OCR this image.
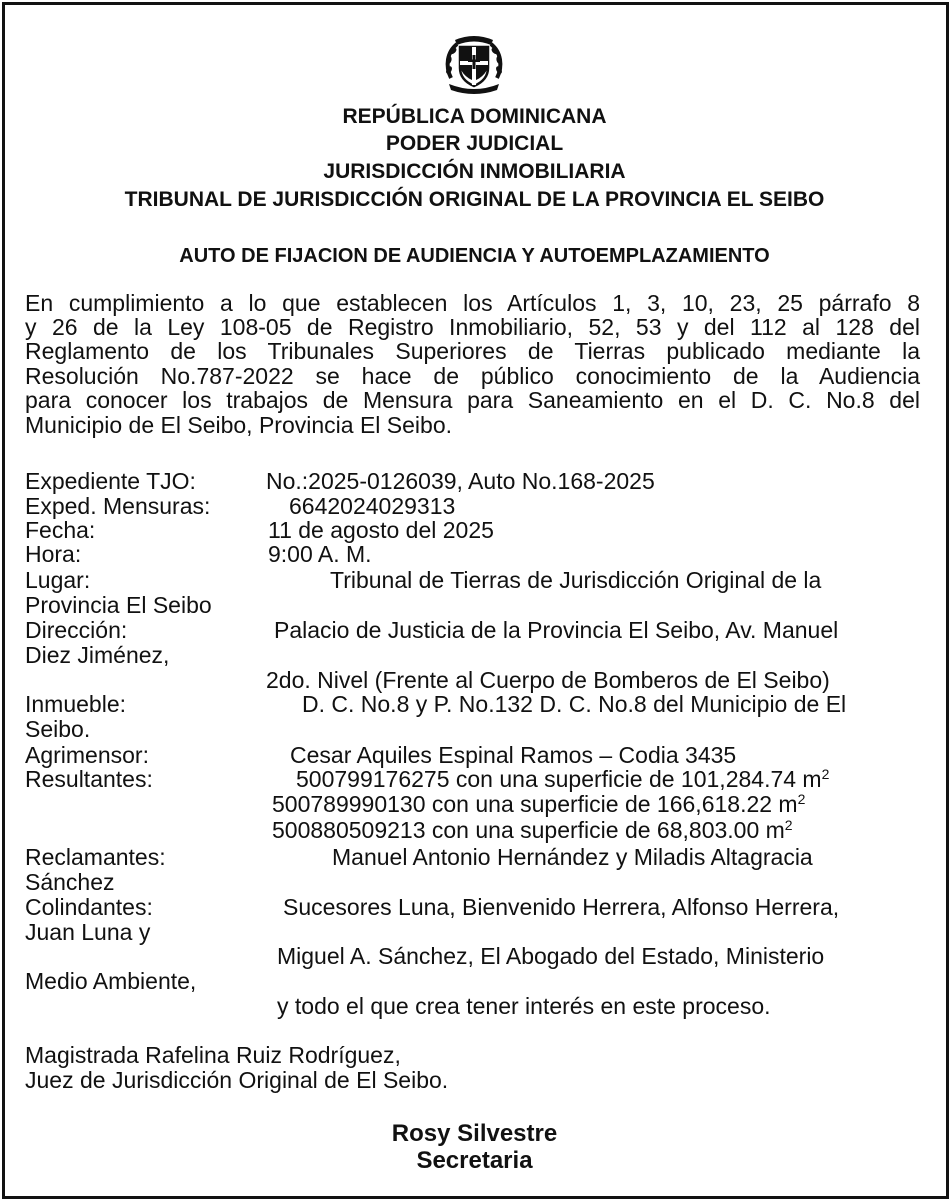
REPÚBLICA DOMINICANA

PODER JUDICIAL

JURISDICCIÓN INMOBILIARIA

TRIBUNAL DE JURISDICCIÓN ORIGINAL DE LA PROVINCIA EL SEIBO

AUTO DE FIJACION DE AUDIENCIA Y AUTOEMPLAZAMIENTO

En cumplimiento a lo que establecen los Artículos 1, 3, 10, 23, 25 párrafo 8

y 26 de la Ley 108-05 de Registro Inmobiliario, 52, 53 y del 112 al 128 del

Reglamento de los Tribunales Superiores de Tierras publicado mediante la

Resolución No.787-2022 se hace de público conocimiento de la Audiencia

para conocer los trabajos de Mensura para Saneamiento en el D. C. No.8 del

Municipio de El Seibo, Provincia El Seibo.

Expediente TJO:	No.:2025-0126039, Auto No.168-2025

Exped. Mensuras:	6642024029313

Fecha:	11 de agosto del 2025

Hora:	9:00 A. M.

Lugar:	Tribunal de Tierras de Jurisdicción Original de la

Provincia El Seibo

Dirección:	Palacio de Justicia de la Provincia El Seibo, Av. Manuel

Diez Jiménez,

2do. Nivel (Frente al Cuerpo de Bomberos de El Seibo)

Inmueble:	D. C. No.8 y P. No.132 D. C. No.8 del Municipio de El

Seibo.

Agrimensor:	Cesar Aquiles Espinal Ramos – Codia 3435

Resultantes:	500799176275 con una superficie de 101,284.74 $m^2$

500789990130 con una superficie de 166,618.22 $m^2$

500880509213 con una superficie de 68,803.00 $m^2$

Reclamantes:	Manuel Antonio Hernández y Miladis Altagracia

Sánchez

Colindantes:	Sucesores Luna, Bienvenido Herrera, Alfonso Herrera,

Juan Luna y

Miguel A. Sánchez, El Abogado del Estado, Ministerio

Medio Ambiente,

y todo el que crea tener interés en este proceso.

Magistrada Rafelina Ruiz Rodríguez,

Juez de Jurisdicción Original de El Seibo.

Rosy Silvestre
Secretaria
